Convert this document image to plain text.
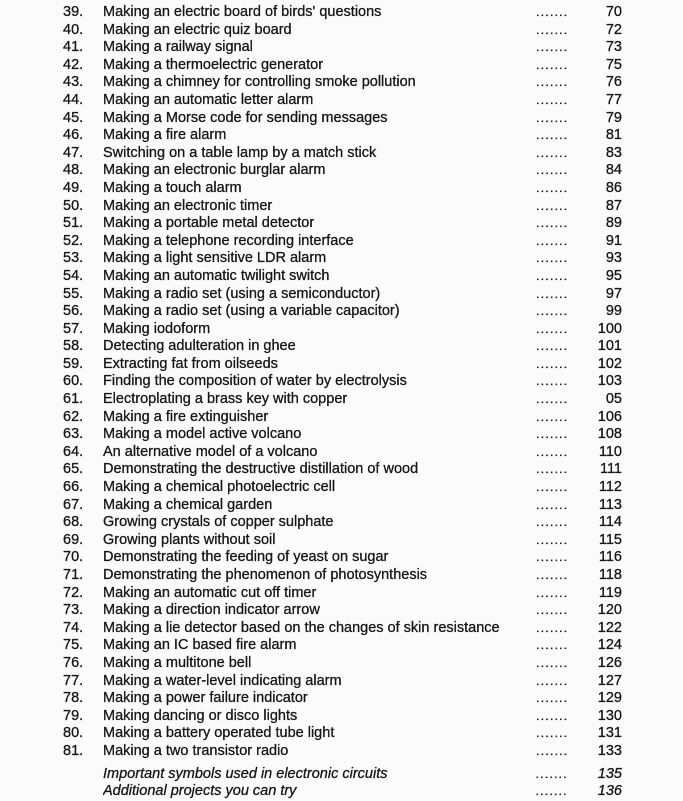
39.	Making an electric board of birds' questions	.......	70
40.	Making an electric quiz board	.......	72
41.	Making a railway signal	.......	73
42.	Making a thermoelectric generator	.......	75
43.	Making a chimney for controlling smoke pollution	.......	76
44.	Making an automatic letter alarm	.......	77
45.	Making a Morse code for sending messages	.......	79
46.	Making a fire alarm	.......	81
47.	Switching on a table lamp by a match stick	.......	83
48.	Making an electronic burglar alarm	.......	84
49.	Making a touch alarm	.......	86
50.	Making an electronic timer	.......	87
51.	Making a portable metal detector	.......	89
52.	Making a telephone recording interface	.......	91
53.	Making a light sensitive LDR alarm	.......	93
54.	Making an automatic twilight switch	.......	95
55.	Making a radio set (using a semiconductor)	.......	97
56.	Making a radio set (using a variable capacitor)	.......	99
57.	Making iodoform	.......	100
58.	Detecting adulteration in ghee	.......	101
59.	Extracting fat from oilseeds	.......	102
60.	Finding the composition of water by electrolysis	.......	103
61.	Electroplating a brass key with copper	.......	05
62.	Making a fire extinguisher	.......	106
63.	Making a model active volcano	.......	108
64.	An alternative model of a volcano	.......	110
65.	Demonstrating the destructive distillation of wood	.......	111
66.	Making a chemical photoelectric cell	.......	112
67.	Making a chemical garden	.......	113
68.	Growing crystals of copper sulphate	.......	114
69.	Growing plants without soil	.......	115
70.	Demonstrating the feeding of yeast on sugar	.......	116
71.	Demonstrating the phenomenon of photosynthesis	.......	118
72.	Making an automatic cut off timer	.......	119
73.	Making a direction indicator arrow	.......	120
74.	Making a lie detector based on the changes of skin resistance	.......	122
75.	Making an IC based fire alarm	.......	124
76.	Making a multitone bell	.......	126
77.	Making a water-level indicating alarm	.......	127
78.	Making a power failure indicator	.......	129
79.	Making dancing or disco lights	.......	130
80.	Making a battery operated tube light	.......	131
81.	Making a two transistor radio	.......	133
Important symbols used in electronic circuits	.......	135
Additional projects you can try	.......	136
